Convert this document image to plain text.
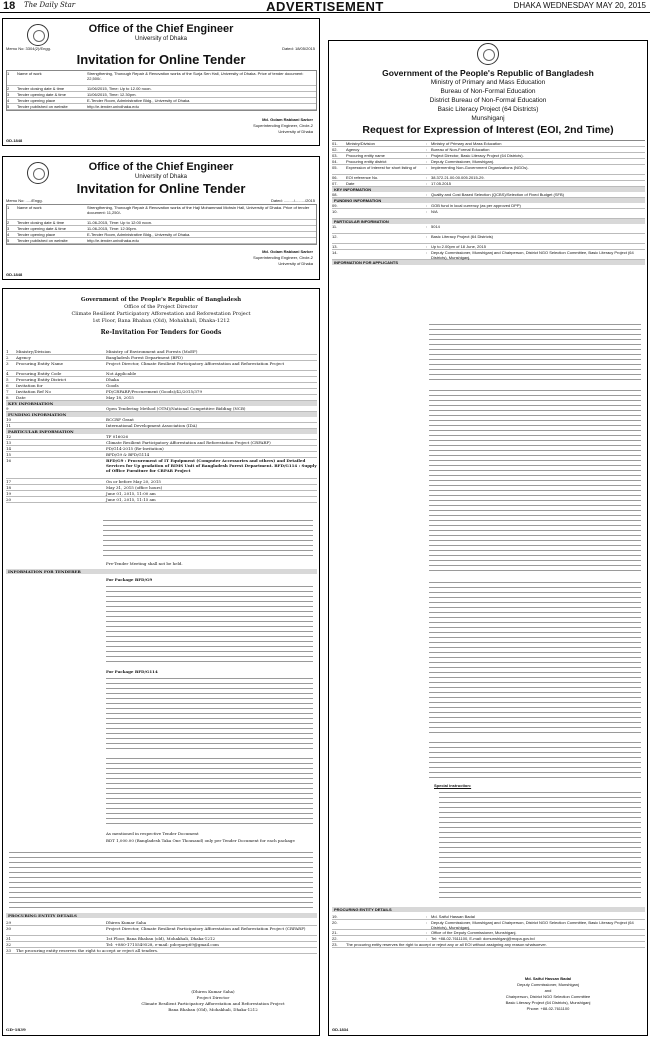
18 The Daily Star	ADVERTISEMENT	DHAKA WEDNESDAY MAY 20, 2015
Office of the Chief Engineer
University of Dhaka
Memo No: 3304(2)/Engg.	Dated: 18/05/2015
Invitation for Online Tender
1	Name of work	Strengthening, Thorough Repair & Renovation works of the Surja Sen Hall, University of Dhaka. Price of tender document: 22,500/-
2	Tender closing date & time	11/06/2015, Time: Up to 12.00 noon.
3	Tender opening date & time	11/06/2015, Time: 12.30pm.
4	Tender opening place	E-Tender Room, Administrative Bldg., University of Dhaka.
5	Tender published on website	http://e-tender.univdhaka.edu
Md. Golam Rabbani Sarker
Superintending Engineer, Circle-2
University of Dhaka
GD-1848
Office of the Chief Engineer
University of Dhaka
Invitation for Online Tender
Memo No: ...../Engg.	Dated: ........./........./2015
1	Name of work	Strengthening, Thorough Repair & Renovation works of the Haji Mohammad Mohsin Hall, University of Dhaka. Price of tender document: 11,250/-
2	Tender closing date & time	11-06-2015, Time: Up to 12:00 noon.
3	Tender opening date & time	11-06-2015, Time: 12:30pm.
4	Tender opening place	E-Tender Room, Administrative Bldg., University of Dhaka.
5	Tender published on website	http://e-tender.univdhaka.edu
Md. Golam Rabbani Sarker
Superintending Engineer, Circle-2
University of Dhaka
GD-1848
Government of the People's Republic of Bangladesh
Office of the Project Director
Climate Resilient Participatory Afforestation and Reforestation Project
1st Floor, Bana Bhaban (Old), Mohakhali, Dhaka-1212
Re-Invitation For Tenders for Goods
1	Ministry/Division	Ministry of Environment and Forests (MoEF)
2	Agency	Bangladesh Forest Department (BFD)
3	Procuring Entity Name	Project Director, Climate Resilient Participatory Afforestation and Reforestation Project
4	Procuring Entity Code	Not Applicable
5	Procuring Entity District	Dhaka
6	Invitation for	Goods
7	Invitation Ref No	PD/CRPARP/Procurement (Goods)/42/2015/379
8	Date	May 18, 2015
KEY INFORMATION
9	Open Tendering Method (OTM)/National Competitive Bidding (NCB)
FUNDING INFORMATION
10	BCCRF Grant
11	International Development Association (IDA)
PARTICULAR INFORMATION
12	TF 016026
13	Climate Resilient Participatory Afforestation and Reforestation Project (CRPARP)
14	PD/G14-2015 (Re-Invitation)
15	BFD/G9 & BFD/G114
16	BFD/G9 : Procurement of IT Equipment (Computer Accessories and others) and Detailed Services for Up gradation of BIMS Unit of Bangladesh Forest Department. BFD/G114 : Supply of Office Furniture for CRPAR Project
17	On or before May 20, 2015
18	May 31, 2015 (office hours)
19	June 01, 2015, 11:00 am
20	June 01, 2015, 11:15 am
Pre-Tender Meeting shall not be held.
INFORMATION FOR TENDERER
For Package BFD/G9
For Package BFD/G114
As mentioned in respective Tender Document
BDT 1,000.00 (Bangladesh Taka One Thousand) only per Tender Document for each package
PROCURING ENTITY DETAILS
29	Dhiren Kumar Saha
30	Project Director, Climate Resilient Participatory Afforestation and Reforestation Project (CRPARP)
31	1st Floor, Bana Bhaban (old), Mohakhali, Dhaka-1212
32	Tel: +880-1715549528, e-mail: pdcrparp69@gmail.com
33	The procuring entity reserves the right to accept or reject all tenders.
(Dhiren Kumar Saha)
Project Director
Climate Resilient Participatory Afforestation and Reforestation Project
Bana Bhaban (Old), Mohakhali, Dhaka-1212
GD-1839
Government of the People's Republic of Bangladesh
Ministry of Primary and Mass Education
Bureau of Non-Formal Education
District Bureau of Non-Formal Education
Basic Literacy Project (64 Districts)
Munshiganj
Request for Expression of Interest (EOI, 2nd Time)
01.	Ministry/Division	: Ministry of Primary and Mass Education
02.	Agency	: Bureau of Non-Formal Education
03.	Procuring entity name	: Project Director, Basic Literacy Project (64 Districts).
04.	Procuring entity district	: Deputy Commissioner, Munshiganj.
05.	Expression of Interest for short listing of	: Implementing Non-Government Organizations (NGOs).
06.	EOI reference No.	: 38.372.21.00.00.005.2015-29.
07.	Date	: 17.05.2015
KEY INFORMATION
08.	: Quality and Cost Based Selection (QCBS)/Selection of Fixed Budget (SFB)
FUNDING INFORMATION
09.	: GOB fund in local currency (as per approved DPP)
10.	: N/A
PARTICULAR INFORMATION
11.	: 5014
12.	: Basic Literacy Project (64 Districts)
13.	: Up to 2.00pm of 18 June, 2015
14.	: Deputy Commissioner, Munshiganj and Chairperson, District NGO Selection Committee, Basic Literacy Project (64 Districts), Munshiganj.
INFORMATION FOR APPLICANTS
Special instruction:
PROCURING ENTITY DETAILS
19.	: Md. Saiful Hassan Badal
20.	: Deputy Commissioner, Munshiganj and Chairperson, District NGO Selection Committee, Basic Literacy Project (64 Districts), Munshiganj.
21.	: Office of the Deputy Commissioner, Munshiganj.
22.	: Tel: +88-02-7611100, E-mail: dcmunshiganj@mopa.gov.bd
23.	The procuring entity reserves the right to accept or reject any or all EOI without assigning any reason whatsoever.
Md. Saiful Hassan Badal
Deputy Commissioner, Munshiganj
and
Chairperson, District NGO Selection Committee
Basic Literacy Project (64 Districts), Munshiganj
Phone: +88-02-7611100
GD-1834
